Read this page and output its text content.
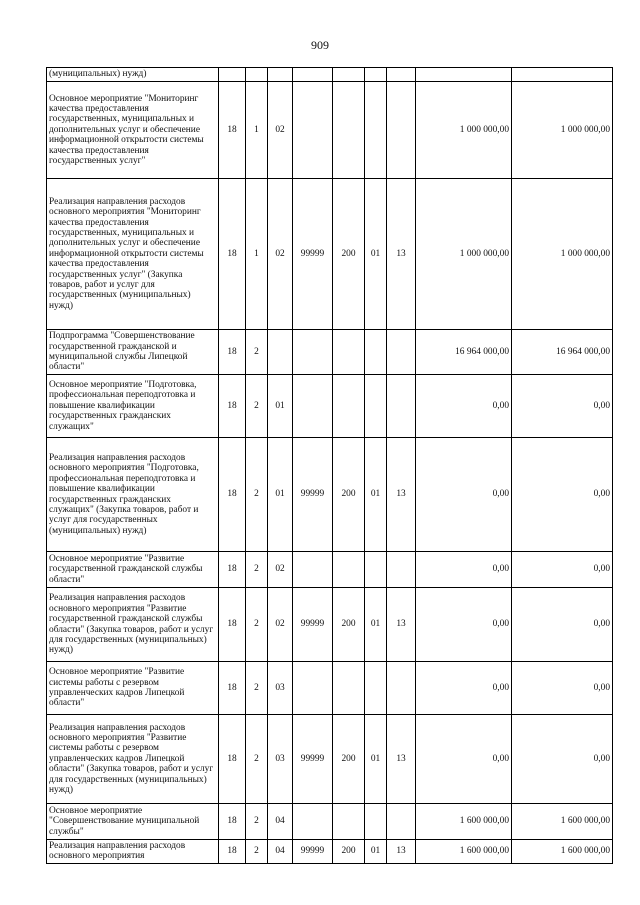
909
(муниципальных) нужд)									
Основное мероприятие "Мониторинг качества предоставления государственных, муниципальных и дополнительных услуг и обеспечение информационной открытости системы качества предоставления государственных услуг"	18	1	02					1 000 000,00	1 000 000,00
Реализация направления расходов основного мероприятия "Мониторинг качества предоставления государственных, муниципальных и дополнительных услуг и обеспечение информационной открытости системы качества предоставления государственных услуг" (Закупка товаров, работ и услуг для государственных (муниципальных) нужд)	18	1	02	99999	200	01	13	1 000 000,00	1 000 000,00
Подпрограмма "Совершенствование государственной гражданской и муниципальной службы Липецкой области"	18	2						16 964 000,00	16 964 000,00
Основное мероприятие "Подготовка, профессиональная переподготовка и повышение квалификации государственных гражданских служащих"	18	2	01					0,00	0,00
Реализация направления расходов основного мероприятия "Подготовка, профессиональная переподготовка и повышение квалификации государственных гражданских служащих" (Закупка товаров, работ и услуг для государственных (муниципальных) нужд)	18	2	01	99999	200	01	13	0,00	0,00
Основное мероприятие "Развитие государственной гражданской службы области"	18	2	02					0,00	0,00
Реализация направления расходов основного мероприятия "Развитие государственной гражданской службы области" (Закупка товаров, работ и услуг для государственных (муниципальных) нужд)	18	2	02	99999	200	01	13	0,00	0,00
Основное мероприятие "Развитие системы работы с резервом управленческих кадров Липецкой области"	18	2	03					0,00	0,00
Реализация направления расходов основного мероприятия "Развитие системы работы с резервом управленческих кадров Липецкой области" (Закупка товаров, работ и услуг для государственных (муниципальных) нужд)	18	2	03	99999	200	01	13	0,00	0,00
Основное мероприятие "Совершенствование муниципальной службы"	18	2	04					1 600 000,00	1 600 000,00
Реализация направления расходов основного мероприятия	18	2	04	99999	200	01	13	1 600 000,00	1 600 000,00
